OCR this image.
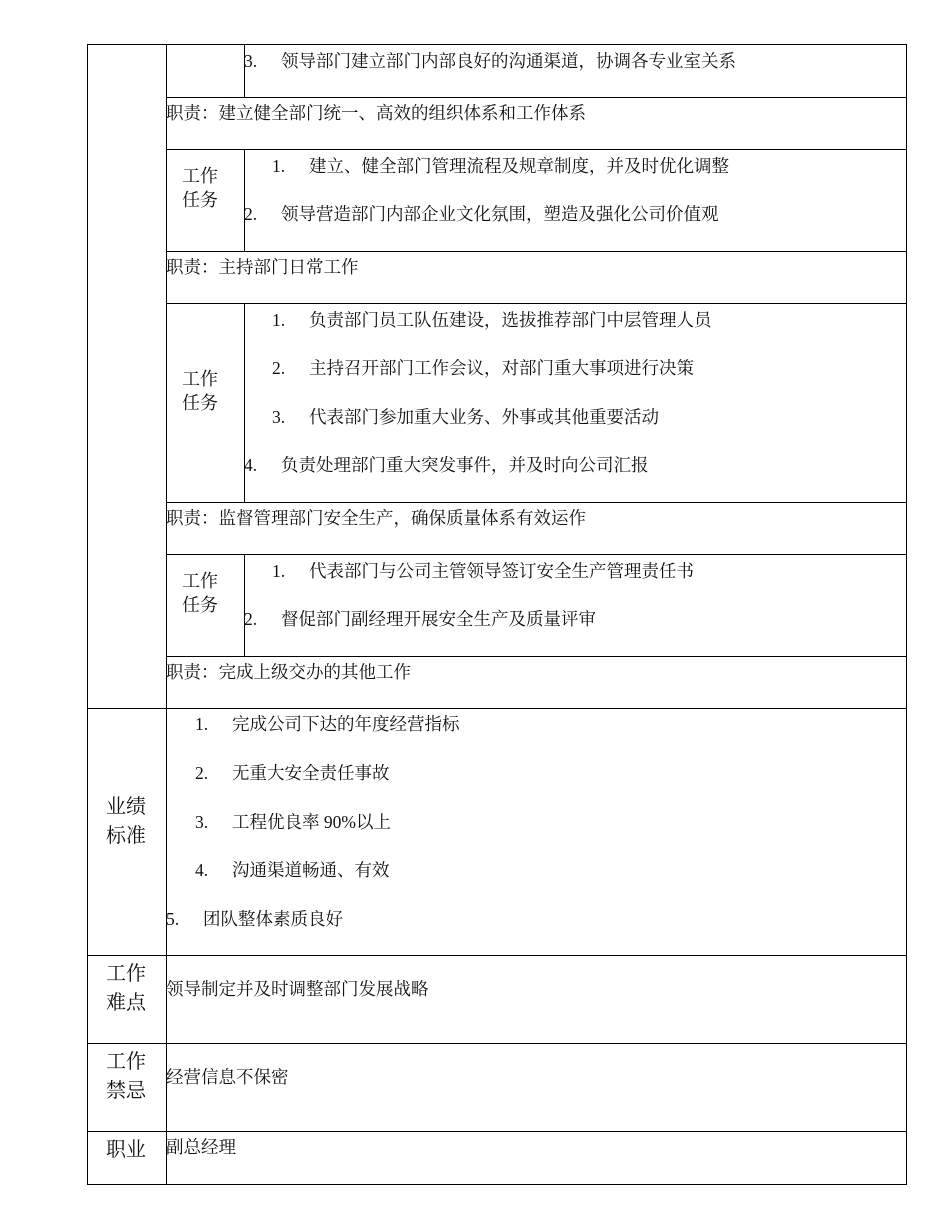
3. 领导部门建立部门内部良好的沟通渠道，协调各专业室关系
职责：建立健全部门统一、高效的组织体系和工作体系
工作任务
1. 建立、健全部门管理流程及规章制度，并及时优化调整
2. 领导营造部门内部企业文化氛围，塑造及强化公司价值观
职责：主持部门日常工作
工作任务
1. 负责部门员工队伍建设，选拔推荐部门中层管理人员
2. 主持召开部门工作会议，对部门重大事项进行决策
3. 代表部门参加重大业务、外事或其他重要活动
4. 负责处理部门重大突发事件，并及时向公司汇报
职责：监督管理部门安全生产，确保质量体系有效运作
工作任务
1. 代表部门与公司主管领导签订安全生产管理责任书
2. 督促部门副经理开展安全生产及质量评审
职责：完成上级交办的其他工作
业绩标准
1. 完成公司下达的年度经营指标
2. 无重大安全责任事故
3. 工程优良率 90%以上
4. 沟通渠道畅通、有效
5. 团队整体素质良好
工作难点
领导制定并及时调整部门发展战略
工作禁忌
经营信息不保密
职业 副总经理
